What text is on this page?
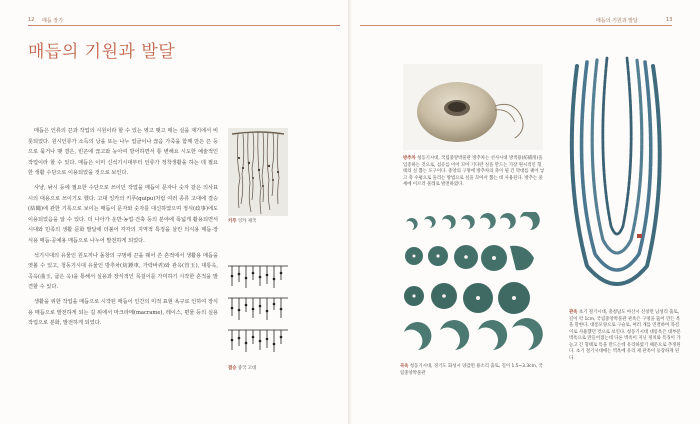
12 매듭 장기
매듭의 기원과 발달

매듭은 인류의 끈과 작업의 시원이라 할 수 있는 엮고 맺고 매는 실을 재기에서 비롯되었다. 원시인류가 소득의 낭을 또는 나누 얼굴이나 끊음 가죽을 함께 만든 끈 등으로 묶거나 맺 결은, 빈곤에 끊고와 능아여 방어하면서 통 변해요 시도한 예술적인 작업이라 할 수 있다. 매듭은 이미 신석기시대부터 인류가 정착생활을 하는 데 필요한 생활 수단으로 이용되었을 것으로 보인다.

사냥, 낚시 등에 필요한 수단으로 쓰이던 작업을 매듭이 문자나 숫자 같은 의사표시의 대용으로 쓰이기도 했다. 고대 잉카의 키푸(quipu)처럼 여러 종류 고대에 결승(結繩)에 관한 기록으로 보이는 매듭이 문자와 숫자를 대신하였으며 정식(政事)에도 이용되었음을 알 수 있다. 더 나아가 운반·농업·건축 등의 분야에 폭넓게 활용되면서 시대와 민족의 생활 문화 발달에 더불어 각각의 지역적 특징을 살린 의식용 매듭·장식용 매듭·공예용 매듭으로 나누어 발전하게 되었다.

석기시대의 유물인 원도끼나 돌창의 구멍에 끈을 꿰어 쓴 흔적에서 생활용 매듭을 엿볼 수 있고, 청동기시대 유물인 방추차(紡錘車, 가락바퀴)와 관옥(管玉), 대롱옥, 곡옥(曲玉, 굽은 옥)을 통해서 실용과 장식적인 목걸이를 가미하기 시작한 흔적을 발견할 수 있다.

생활을 위한 작업을 매듭으로 시작된 매듭이 인간의 미적 표현 욕구로 인하여 장식용 매듭으로 발전하게 되는 길 위에서 마크라메(macrame), 레이스, 편물 등의 실용 작업으로 분화, 발전하게 되었다.

키푸 잉카 제국
결승 중국 고대
매듭의 기원과 발달	13
방추차 청동기시대, 국립중앙박물관 방추차는 선사시대 방적용(紡績用)을 입증하는 것으로, 섬유를 이어 꼬아 기다란 실을 만드는 가장 원시적인 형태의 실 뽑는 도구이다. 중앙의 구멍에 방추차의 축이 될 긴 막대를 꿰어 넣고 축 수평으로 돌리는 방법으로 실을 꼬아서 뽑는 데 사용된다. 방추는 중세에 이르러 물레로 발전하였다.
곡옥 청동기시대, 경기도 화성시 양감면 용소리 출토, 길이 1.5~3.3cm, 국립중앙박물관
관옥 초기 철기시대, 충청남도 아산시 신창면 남성리 출토, 길이 약 1cm, 국립중앙박물관 관옥은 구멍을 뚫어 만든 옥을 말한다. 대롱모양으로 구슬로, 여러 개를 연결하여 목걸이로 사용했던 것으로 보인다. 청동기시대 대롱옥은 대부분 벽옥으로 만들어졌는데 다른 벽옥이 지닌 정치와 특징이 가늘고 긴 형태로 특을 만드는데 유리하였기 때문으로 추정된다. 초기 철기시대에는 벽옥에 유리 제 관옥이 등장하게 된다.
